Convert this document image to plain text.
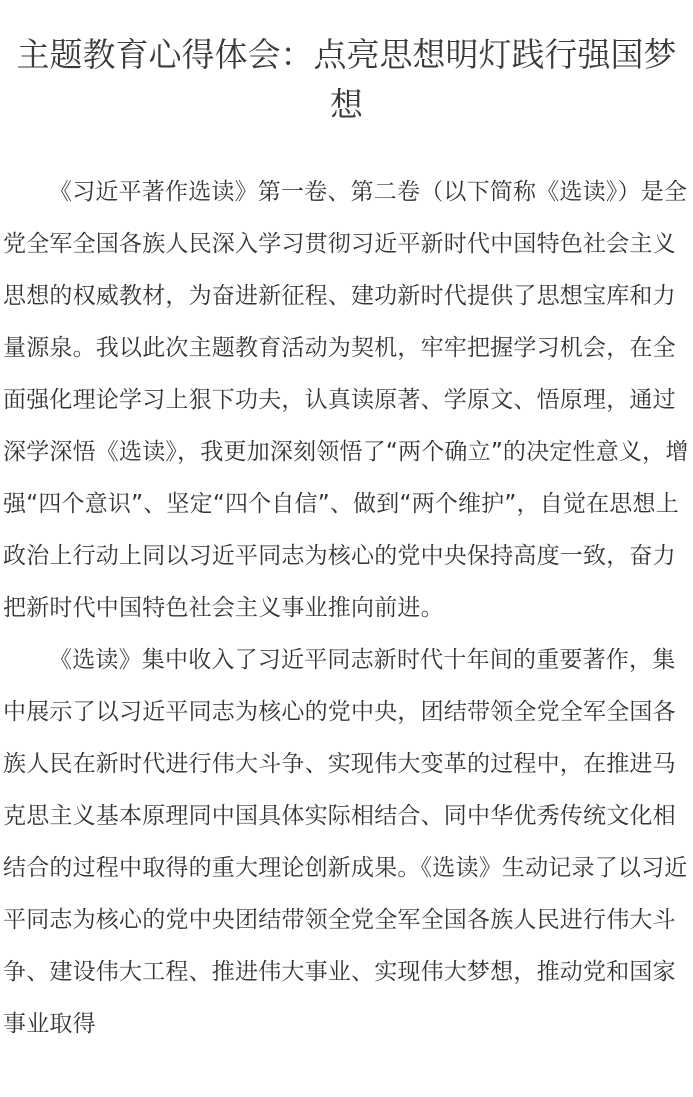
主题教育心得体会：点亮思想明灯践行强国梦想

《习近平著作选读》第一卷、第二卷（以下简称《选读》）是全党全军全国各族人民深入学习贯彻习近平新时代中国特色社会主义思想的权威教材，为奋进新征程、建功新时代提供了思想宝库和力量源泉。我以此次主题教育活动为契机，牢牢把握学习机会，在全面强化理论学习上狠下功夫，认真读原著、学原文、悟原理，通过深学深悟《选读》，我更加深刻领悟了“两个确立”的决定性意义，增强“四个意识”、坚定“四个自信”、做到“两个维护”，自觉在思想上政治上行动上同以习近平同志为核心的党中央保持高度一致，奋力把新时代中国特色社会主义事业推向前进。

《选读》集中收入了习近平同志新时代十年间的重要著作，集中展示了以习近平同志为核心的党中央，团结带领全党全军全国各族人民在新时代进行伟大斗争、实现伟大变革的过程中，在推进马克思主义基本原理同中国具体实际相结合、同中华优秀传统文化相结合的过程中取得的重大理论创新成果。《选读》生动记录了以习近平同志为核心的党中央团结带领全党全军全国各族人民进行伟大斗争、建设伟大工程、推进伟大事业、实现伟大梦想，推动党和国家事业取得
